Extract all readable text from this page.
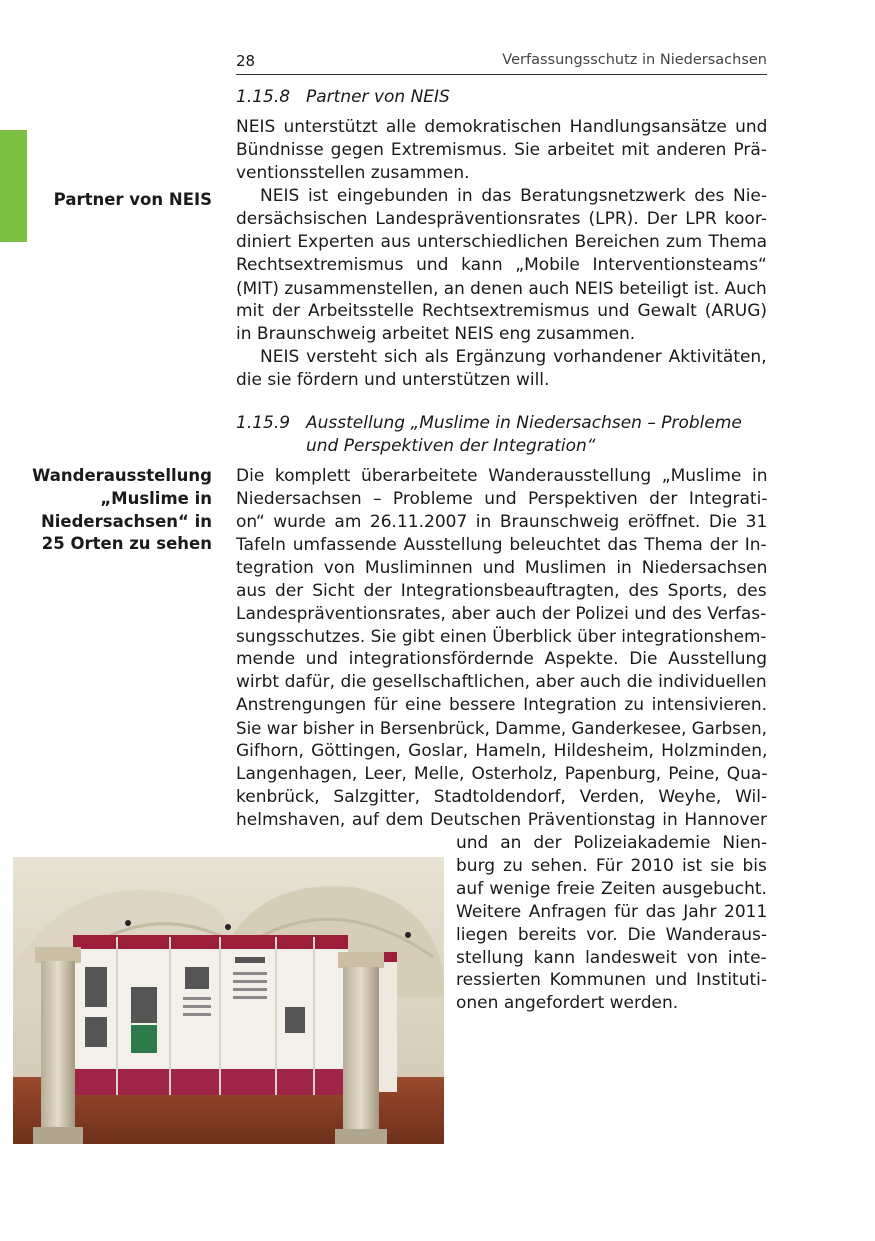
28	Verfassungsschutz in Niedersachsen
1.15.8 Partner von NEIS
Partner von NEIS
NEIS unterstützt alle demokratischen Handlungsansätze und
Bündnisse gegen Extremismus. Sie arbeitet mit anderen Prä-
ventionsstellen zusammen.
NEIS ist eingebunden in das Beratungsnetzwerk des Nie-
dersächsischen Landespräventionsrates (LPR). Der LPR koor-
diniert Experten aus unterschiedlichen Bereichen zum Thema
Rechtsextremismus und kann „Mobile Interventionsteams“
(MIT) zusammenstellen, an denen auch NEIS beteiligt ist. Auch
mit der Arbeitsstelle Rechtsextremismus und Gewalt (ARUG)
in Braunschweig arbeitet NEIS eng zusammen.
NEIS versteht sich als Ergänzung vorhandener Aktivitäten,
die sie fördern und unterstützen will.
1.15.9 Ausstellung „Muslime in Niedersachsen – Probleme
und Perspektiven der Integration“
Wanderausstellung
„Muslime in
Niedersachsen“ in
25 Orten zu sehen
Die komplett überarbeitete Wanderausstellung „Muslime in
Niedersachsen – Probleme und Perspektiven der Integrati-
on“ wurde am 26.11.2007 in Braunschweig eröffnet. Die 31
Tafeln umfassende Ausstellung beleuchtet das Thema der In-
tegration von Musliminnen und Muslimen in Niedersachsen
aus der Sicht der Integrationsbeauftragten, des Sports, des
Landespräventionsrates, aber auch der Polizei und des Verfas-
sungsschutzes. Sie gibt einen Überblick über integrationshem-
mende und integrationsfördernde Aspekte. Die Ausstellung
wirbt dafür, die gesellschaftlichen, aber auch die individuellen
Anstrengungen für eine bessere Integration zu intensivieren.
Sie war bisher in Bersenbrück, Damme, Ganderkesee, Garbsen,
Gifhorn, Göttingen, Goslar, Hameln, Hildesheim, Holzminden,
Langenhagen, Leer, Melle, Osterholz, Papenburg, Peine, Qua-
kenbrück, Salzgitter, Stadtoldendorf, Verden, Weyhe, Wil-
helmshaven, auf dem Deutschen Präventionstag in Hannover
und an der Polizeiakademie Nien-
burg zu sehen. Für 2010 ist sie bis
auf wenige freie Zeiten ausgebucht.
Weitere Anfragen für das Jahr 2011
liegen bereits vor. Die Wanderaus-
stellung kann landesweit von inte-
ressierten Kommunen und Instituti-
onen angefordert werden.
